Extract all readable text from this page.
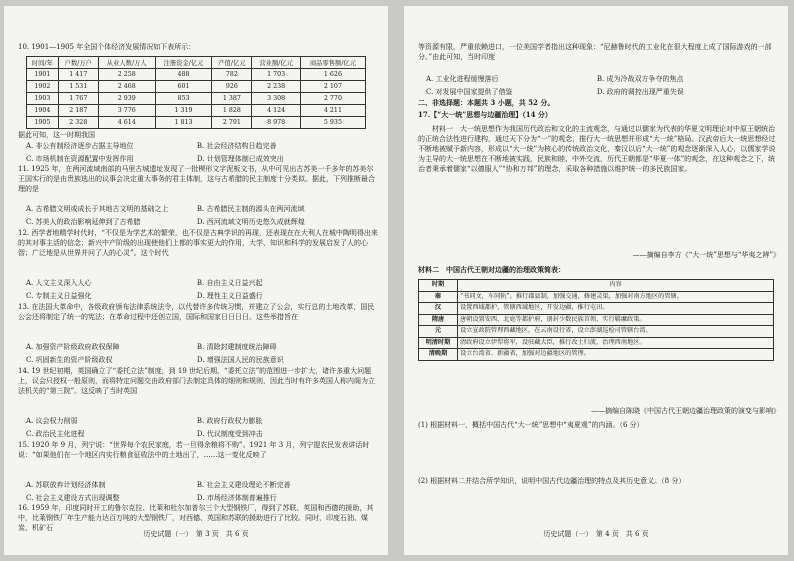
10. 1901—1905 年全国个体经济发展情况如下表所示：

时间/年	户数/万户	从业人数/万人	注册资金/亿元	产值/亿元	营业额/亿元	商品零售额/亿元
1901	1 417	2 258	488	782	1 703	1 626
1902	1 531	2 468	601	926	2 238	2 107
1903	1 767	2 939	853	1 387	3 308	2 770
1904	2 187	3 776	1 319	1 828	4 124	4 211
1905	2 328	4 614	1 813	2 791	8 978	5 935

据此可知，这一时期我国

A. 非公有制经济逐步占据主导地位	B. 社会经济结构日趋完善
C. 市场机制在资源配置中发挥作用	D. 计划管理体制已成效突出

11. 1925 年，在两河流域南部的马里古城遗址发现了一批楔形文字泥板文书，从中可见出古苏美一千多年的苏美尔王国实行的是由贵族选出的议事会决定重大事务的君主体制，这与古希腊的民主制度十分类似。据此，下列推断最合理的是

A. 古希腊文明或成长于其地古文明的基础之上	B. 古希腊民主制的源头在两河流域
C. 苏美人的政治影响延伸到了古希腊	D. 西河流域文明历史悠久成就辉煌

12. 西学者地精学时代时，“不仅是为学艺术的繁荣，也不仅是古典学识的再现，还表现在在大利人在城中陶明得出来的其对事主活的信念；新兴中产阶级的出现使他们上都的事实更大的作用，大学、知识和科学的发展启发了人的心智；广泛地是从世界并问了人的心灵”。这个时代

A. 人文主义深入人心	B. 自由主义日益兴起
C. 专制主义日益强化	D. 理性主义日益盛行

13. 在法国大革命中，各级政府颁布法律系统法令，以代替许多传统习惯，并建立了公会，实行总的土地改革，国民公会还将制定了统一的宪法；在革命过程中还创立国，国际和国家日日日日。这些举措旨在

A. 加强资产阶级政府政权保障	B. 清除封建制度统治障碍
C. 巩固新生的资产阶级政权	D. 增强法国人民的民族意识

14. 19 世纪初期，英国确立了“委托立法”制度，到 19 世纪后期，“委托立法”的范围进一步扩大，诸许多重大问题上，议会只授权一般原则，而将特定问题交由政府部门去制定具体的细则和规则，因此当时有许多英国人称内阁为立法机关的“第三院”。这反映了当时英国

A. 议会权力削弱	B. 政府行政权力膨胀
C. 政治民主化进程	D. 代议制度受到冲击

15. 1920 年 9 月，列宁说：“世界每个农民家庭，若一旦得余粮将不购”。1921 年 3 月，列宁提农民发表讲话时说：“如果他们在一个地区内实行粮食征收法中的土地出了，……这一变化反映了

A. 苏联放弃计划经济体制	B. 社会主义建设理论不断完善
C. 社会主义建设方式出现调整	D. 市场经济体制普遍推行

16. 1959 年，印度同时开工的鲁尔克拉、比莱和杜尔加普尔三个大型钢铁厂，得到了苏联、英国和西德的援助，其中，比莱钢铁厂年生产能力达百万吨的大型钢铁厂，对西德、英国和苏联的援助进行了比较。同时，印度石油、煤炭、机矿石

历史试题（一）　第 3 页　共 6 页

等资源有限，严重依赖进口，一位美国学者指出这种现象：“尼赫鲁时代的工业化在很大程度上成了国际游戏的一部分。”由此可知，当时印度

A. 工业化进程缓慢落后	B. 成为冷战双方争夺的焦点
C. 对发展中国家提供了借鉴	D. 政府的调控出现严重失误

二、非选择题：本题共 3 小题，共 52 分。

17.【“大一统”思想与边疆治理】（14 分）

材料一　大一统思想作为我国历代政治和文化的主流观念，与通过以儒家为代表的华夏文明理论对中原王朝统治的正统合法性进行建构，通过天下分为“一”的观念，推行大一统思想并形成“大一统”格局。汉武帝后大一统思想经过不断地被赋予新内容，形成以“大一统”为核心的传统政治文化，秦汉以后“大一统”的观念逐渐深入人心，以儒家学说为主导的大一统思想在不断地被实践，民族和睦、中外交流，历代王朝都是“华夏一体”的观念，在这种观念之下，统治者秉承着儒家“以德服人”“协和万邦”的理念，采取各种措施以维护统一的多民族国家。

——摘编自李方《“大一统”思想与“华夷之辨”》

材料二　中国古代王朝对边疆的治理政策简表：

时期	内容
秦	“书同文，车同轨”。推行郡县制，加强交通，修建灵渠，加强对南方地区的管辖。
汉	设置西域都护，管辖西域地区，开发边疆，推行屯田。
隋唐	唐朝设置安西、北庭等都护府，册封少数民族首领，实行羁縻政策。
元	设立宣政院管理西藏地区，在云南设行省，设立澎湖巡检司管辖台湾。
明清时期	清政府设立伊犁将军，设驻藏大臣，推行改土归流，治理西南地区。
清晚期	设立台湾省、新疆省，加强对边疆地区的管理。

——摘编自陈晓《中国古代王朝边疆治理政策的演变与影响》

(1) 根据材料一，概括中国古代“大一统”思想中“夷夏观”的内涵。（6 分）

(2) 根据材料二并结合所学知识，说明中国古代边疆治理的特点及其历史意义。（8 分）

历史试题（一）　第 4 页　共 6 页
